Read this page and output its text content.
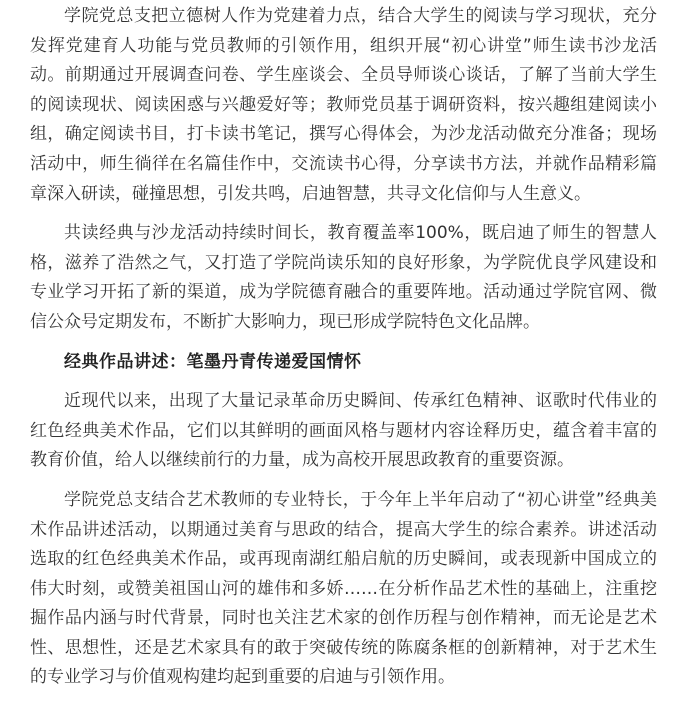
学院党总支把立德树人作为党建着力点，结合大学生的阅读与学习现状，充分发挥党建育人功能与党员教师的引领作用，组织开展“初心讲堂”师生读书沙龙活动。前期通过开展调查问卷、学生座谈会、全员导师谈心谈话，了解了当前大学生的阅读现状、阅读困惑与兴趣爱好等；教师党员基于调研资料，按兴趣组建阅读小组，确定阅读书目，打卡读书笔记，撰写心得体会，为沙龙活动做充分准备；现场活动中，师生徜徉在名篇佳作中，交流读书心得，分享读书方法，并就作品精彩篇章深入研读，碰撞思想，引发共鸣，启迪智慧，共寻文化信仰与人生意义。

共读经典与沙龙活动持续时间长，教育覆盖率100%，既启迪了师生的智慧人格，滋养了浩然之气，又打造了学院尚读乐知的良好形象，为学院优良学风建设和专业学习开拓了新的渠道，成为学院德育融合的重要阵地。活动通过学院官网、微信公众号定期发布，不断扩大影响力，现已形成学院特色文化品牌。

经典作品讲述：笔墨丹青传递爱国情怀

近现代以来，出现了大量记录革命历史瞬间、传承红色精神、讴歌时代伟业的红色经典美术作品，它们以其鲜明的画面风格与题材内容诠释历史，蕴含着丰富的教育价值，给人以继续前行的力量，成为高校开展思政教育的重要资源。

学院党总支结合艺术教师的专业特长，于今年上半年启动了“初心讲堂”经典美术作品讲述活动，以期通过美育与思政的结合，提高大学生的综合素养。讲述活动选取的红色经典美术作品，或再现南湖红船启航的历史瞬间，或表现新中国成立的伟大时刻，或赞美祖国山河的雄伟和多娇……在分析作品艺术性的基础上，注重挖掘作品内涵与时代背景，同时也关注艺术家的创作历程与创作精神，而无论是艺术性、思想性，还是艺术家具有的敢于突破传统的陈腐条框的创新精神，对于艺术生的专业学习与价值观构建均起到重要的启迪与引领作用。
